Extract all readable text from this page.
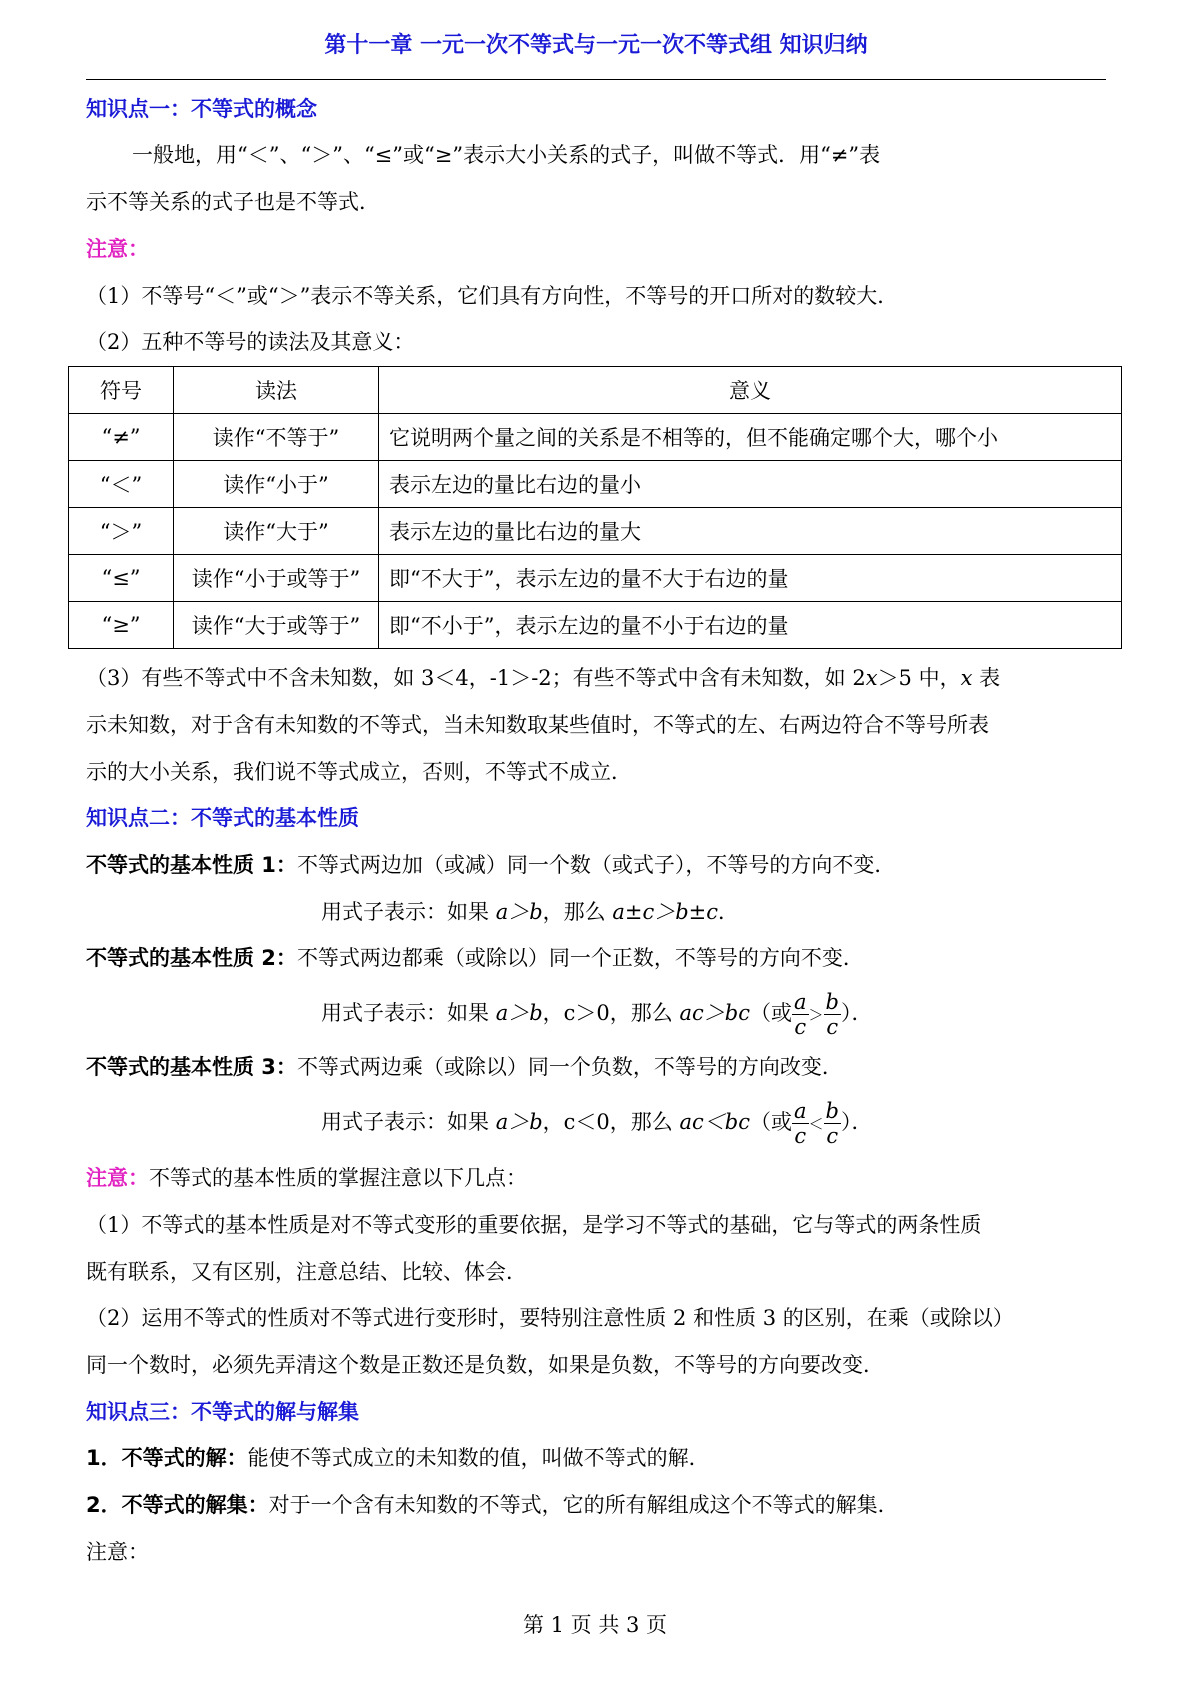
第十一章 一元一次不等式与一元一次不等式组 知识归纳
知识点一：不等式的概念
一般地，用“＜”、“＞”、“≤”或“≥”表示大小关系的式子，叫做不等式．用“≠”表
示不等关系的式子也是不等式．
注意：
（1）不等号“＜”或“＞”表示不等关系，它们具有方向性，不等号的开口所对的数较大．
（2）五种不等号的读法及其意义：
符号	读法	意义
“≠”	读作“不等于”	它说明两个量之间的关系是不相等的，但不能确定哪个大，哪个小
“＜”	读作“小于”	表示左边的量比右边的量小
“＞”	读作“大于”	表示左边的量比右边的量大
“≤”	读作“小于或等于”	即“不大于”，表示左边的量不大于右边的量
“≥”	读作“大于或等于”	即“不小于”，表示左边的量不小于右边的量
（3）有些不等式中不含未知数，如 3＜4，-1＞-2；有些不等式中含有未知数，如 2x＞5 中，x 表
示未知数，对于含有未知数的不等式，当未知数取某些值时，不等式的左、右两边符合不等号所表
示的大小关系，我们说不等式成立，否则，不等式不成立．
知识点二：不等式的基本性质
不等式的基本性质 1：不等式两边加（或减）同一个数（或式子），不等号的方向不变．
用式子表示：如果 a＞b，那么 a±c＞b±c．
不等式的基本性质 2：不等式两边都乘（或除以）同一个正数，不等号的方向不变．
用式子表示：如果 a＞b，c＞0，那么 ac＞bc（或 $\frac{a}{c} > \frac{b}{c}$ ）．
不等式的基本性质 3：不等式两边乘（或除以）同一个负数，不等号的方向改变．
用式子表示：如果 a＞b，c＜0，那么 ac＜bc（或 $\frac{a}{c} < \frac{b}{c}$ ）．
注意：不等式的基本性质的掌握注意以下几点：
（1）不等式的基本性质是对不等式变形的重要依据，是学习不等式的基础，它与等式的两条性质
既有联系，又有区别，注意总结、比较、体会．
（2）运用不等式的性质对不等式进行变形时，要特别注意性质 2 和性质 3 的区别，在乘（或除以）
同一个数时，必须先弄清这个数是正数还是负数，如果是负数，不等号的方向要改变．
知识点三：不等式的解与解集
1．不等式的解：能使不等式成立的未知数的值，叫做不等式的解．
2．不等式的解集：对于一个含有未知数的不等式，它的所有解组成这个不等式的解集．
注意：
第 1 页 共 3 页
